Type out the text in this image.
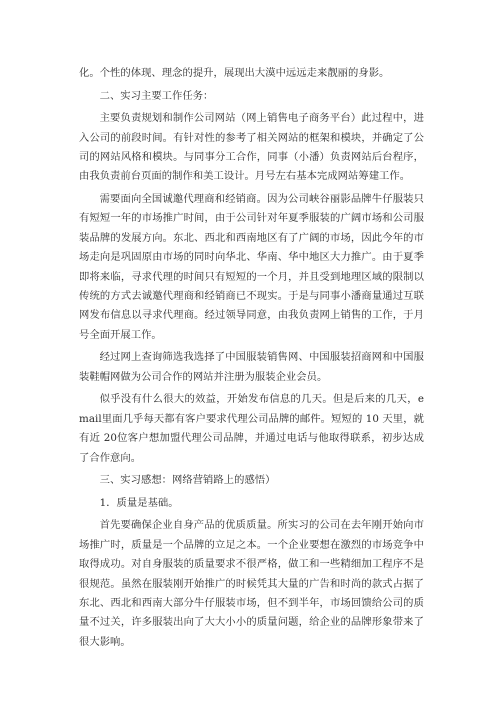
化。个性的体现、理念的提升，展现出大漠中远远走来靓丽的身影。

二、实习主要工作任务：

主要负责规划和制作公司网站（网上销售电子商务平台）此过程中，进入公司的前段时间。有针对性的参考了相关网站的框架和模块，并确定了公司的网站风格和模块。与同事分工合作，同事（小潘）负责网站后台程序，由我负责前台页面的制作和美工设计。月号左右基本完成网站筹建工作。

需要面向全国诚邀代理商和经销商。因为公司峡谷丽影品牌牛仔服装只有短短一年的市场推广时间，由于公司针对年夏季服装的广阔市场和公司服装品牌的发展方向。东北、西北和西南地区有了广阔的市场，因此今年的市场走向是巩固原由市场的同时向华北、华南、华中地区大力推广。由于夏季即将来临，寻求代理的时间只有短短的一个月，并且受到地理区域的限制以传统的方式去诚邀代理商和经销商已不现实。于是与同事小潘商量通过互联网发布信息以寻求代理商。经过领导同意，由我负责网上销售的工作，于月号全面开展工作。

经过网上查询筛选我选择了中国服装销售网、中国服装招商网和中国服装鞋帽网做为公司合作的网站并注册为服装企业会员。

似乎没有什么很大的效益，开始发布信息的几天。但是后来的几天，email里面几乎每天都有客户要求代理公司品牌的邮件。短短的 10 天里，就有近 20位客户想加盟代理公司品牌，并通过电话与他取得联系，初步达成了合作意向。

三、实习感想：网络营销路上的感悟）

1．质量是基础。

首先要确保企业自身产品的优质质量。所实习的公司在去年刚开始向市场推广时，质量是一个品牌的立足之本。一个企业要想在激烈的市场竞争中取得成功。对自身服装的质量要求不很严格，做工和一些精细加工程序不是很规范。虽然在服装刚开始推广的时候凭其大量的广告和时尚的款式占据了东北、西北和西南大部分牛仔服装市场，但不到半年，市场回馈给公司的质量不过关，许多服装出向了大大小小的质量问题，给企业的品牌形象带来了很大影响。
